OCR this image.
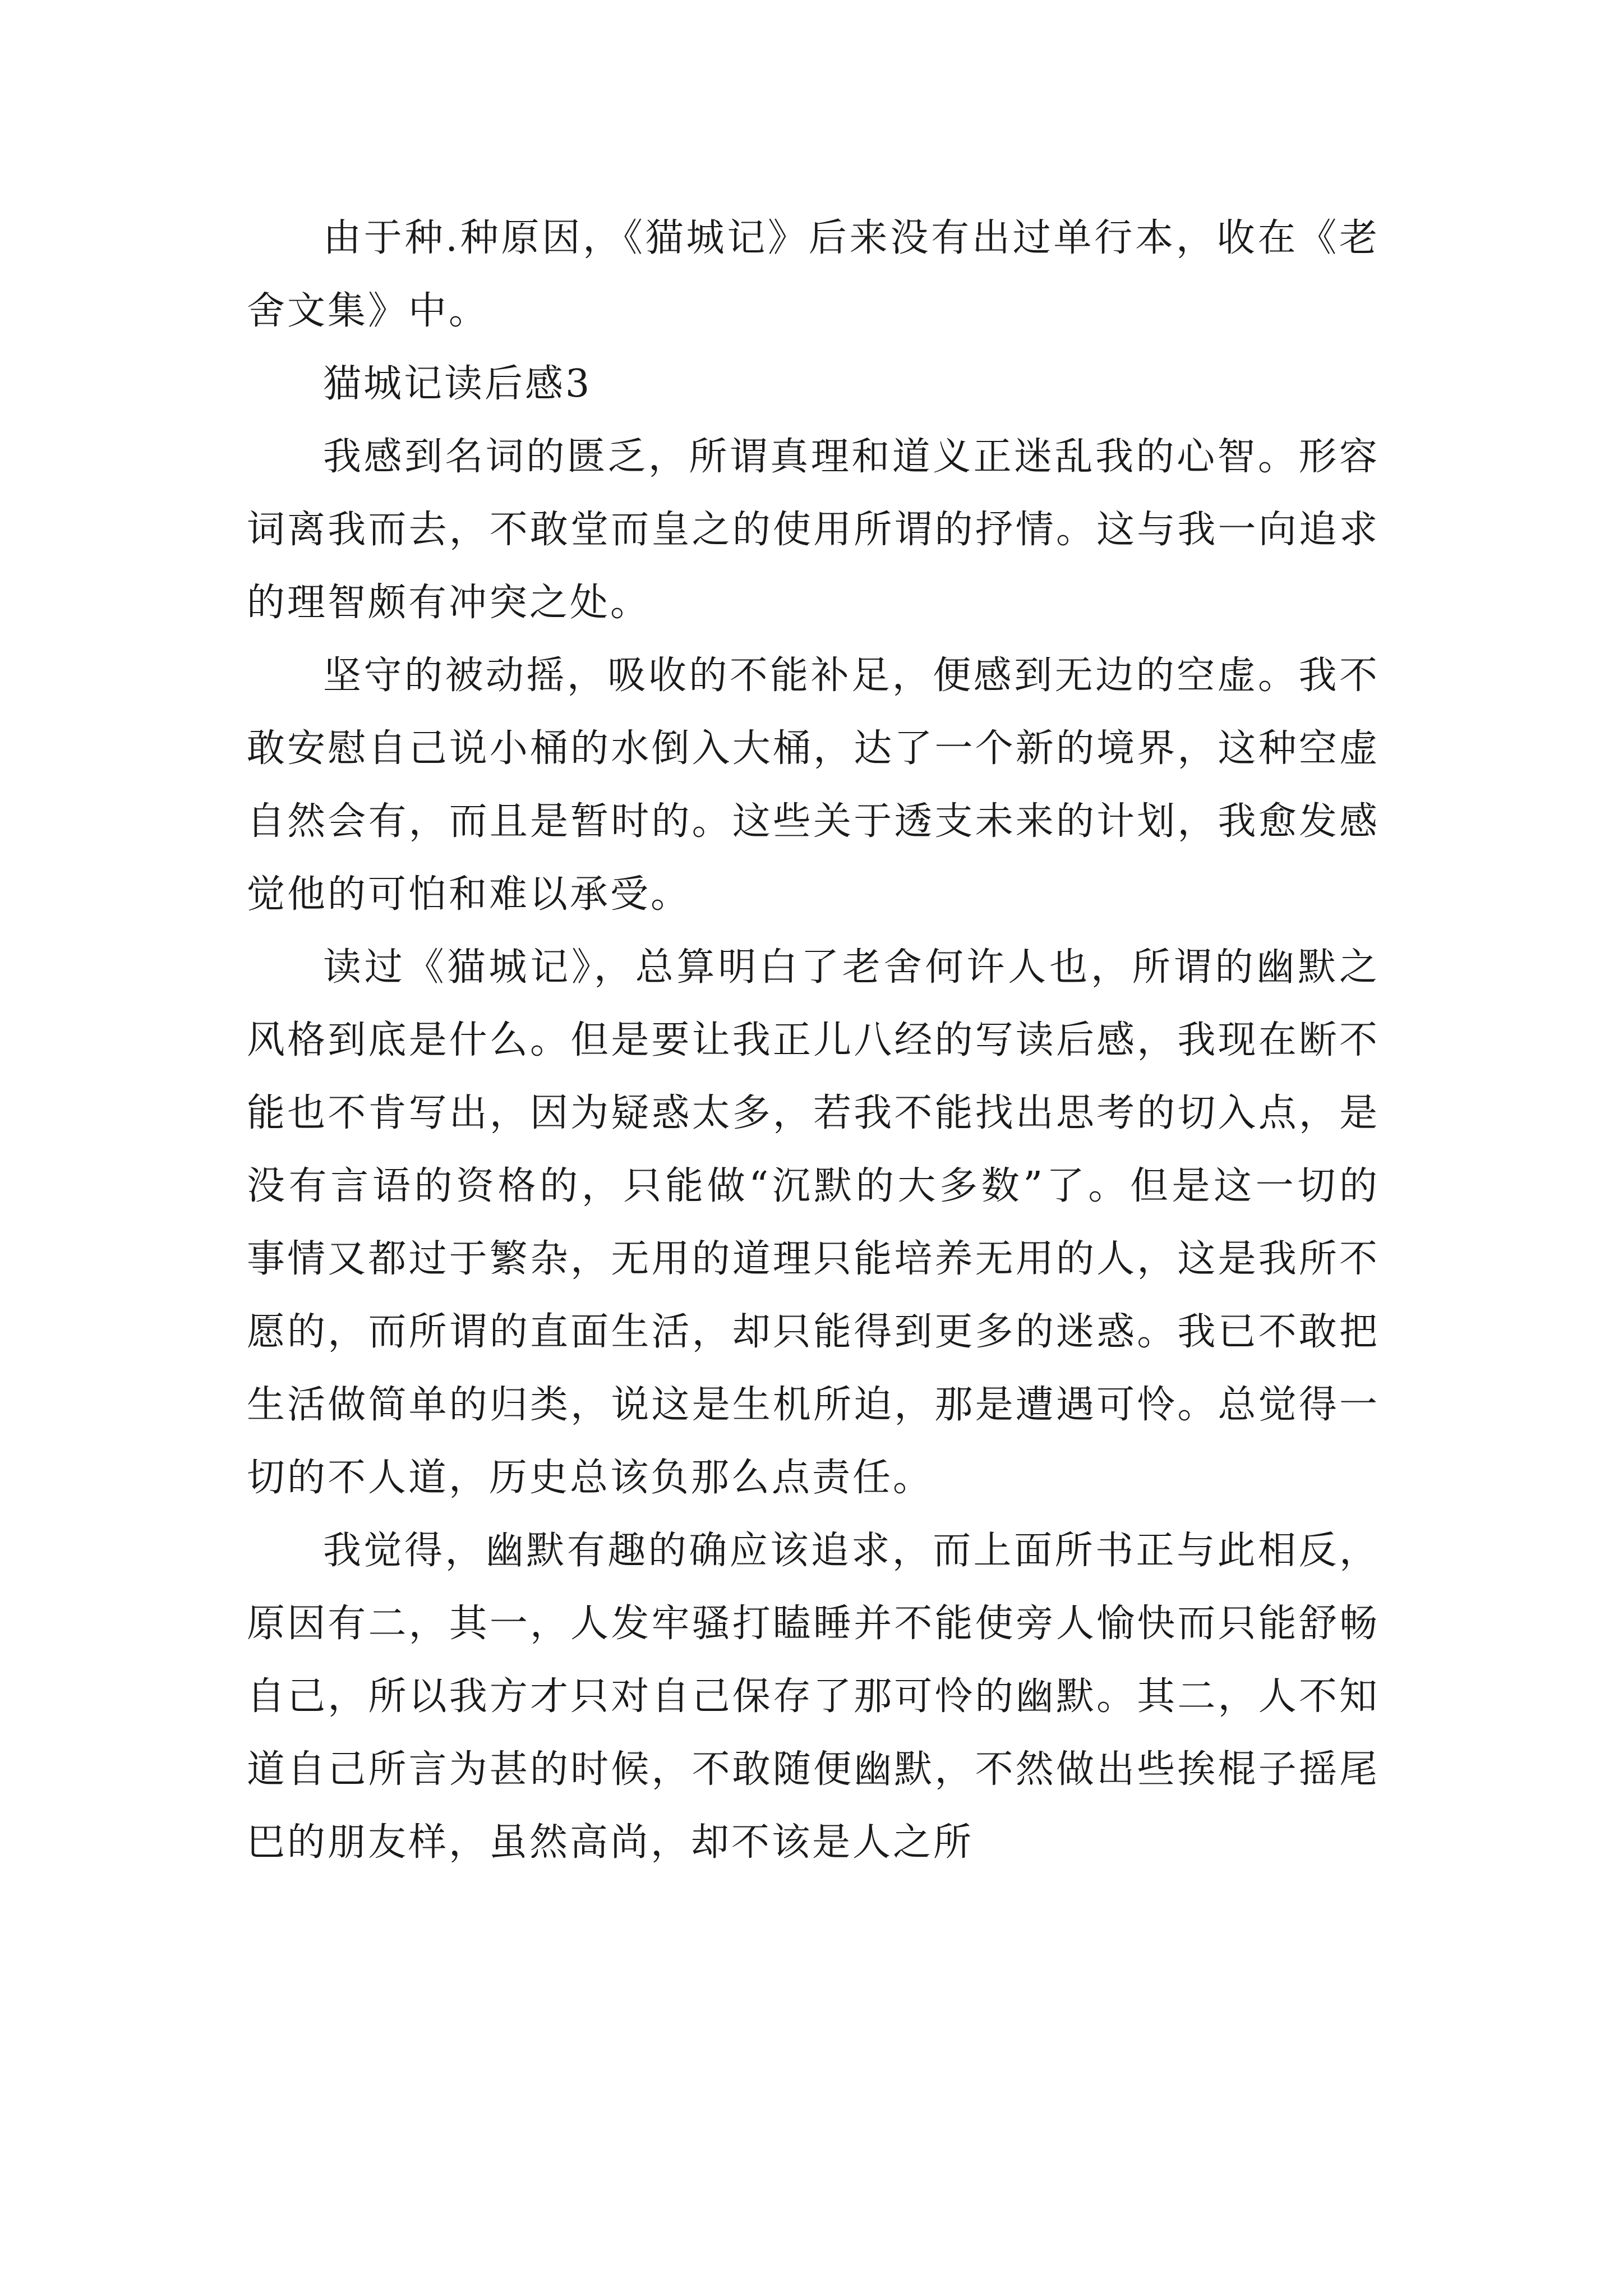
由于种.种原因，《猫城记》后来没有出过单行本，收在《老舍文集》中。

猫城记读后感3

我感到名词的匮乏，所谓真理和道义正迷乱我的心智。形容词离我而去，不敢堂而皇之的使用所谓的抒情。这与我一向追求的理智颇有冲突之处。

坚守的被动摇，吸收的不能补足，便感到无边的空虚。我不敢安慰自己说小桶的水倒入大桶，达了一个新的境界，这种空虚自然会有，而且是暂时的。这些关于透支未来的计划，我愈发感觉他的可怕和难以承受。

读过《猫城记》，总算明白了老舍何许人也，所谓的幽默之风格到底是什么。但是要让我正儿八经的写读后感，我现在断不能也不肯写出，因为疑惑太多，若我不能找出思考的切入点，是没有言语的资格的，只能做“沉默的大多数”了。但是这一切的事情又都过于繁杂，无用的道理只能培养无用的人，这是我所不愿的，而所谓的直面生活，却只能得到更多的迷惑。我已不敢把生活做简单的归类，说这是生机所迫，那是遭遇可怜。总觉得一切的不人道，历史总该负那么点责任。

我觉得，幽默有趣的确应该追求，而上面所书正与此相反，原因有二，其一，人发牢骚打瞌睡并不能使旁人愉快而只能舒畅自己，所以我方才只对自己保存了那可怜的幽默。其二，人不知道自己所言为甚的时候，不敢随便幽默，不然做出些挨棍子摇尾巴的朋友样，虽然高尚，却不该是人之所
